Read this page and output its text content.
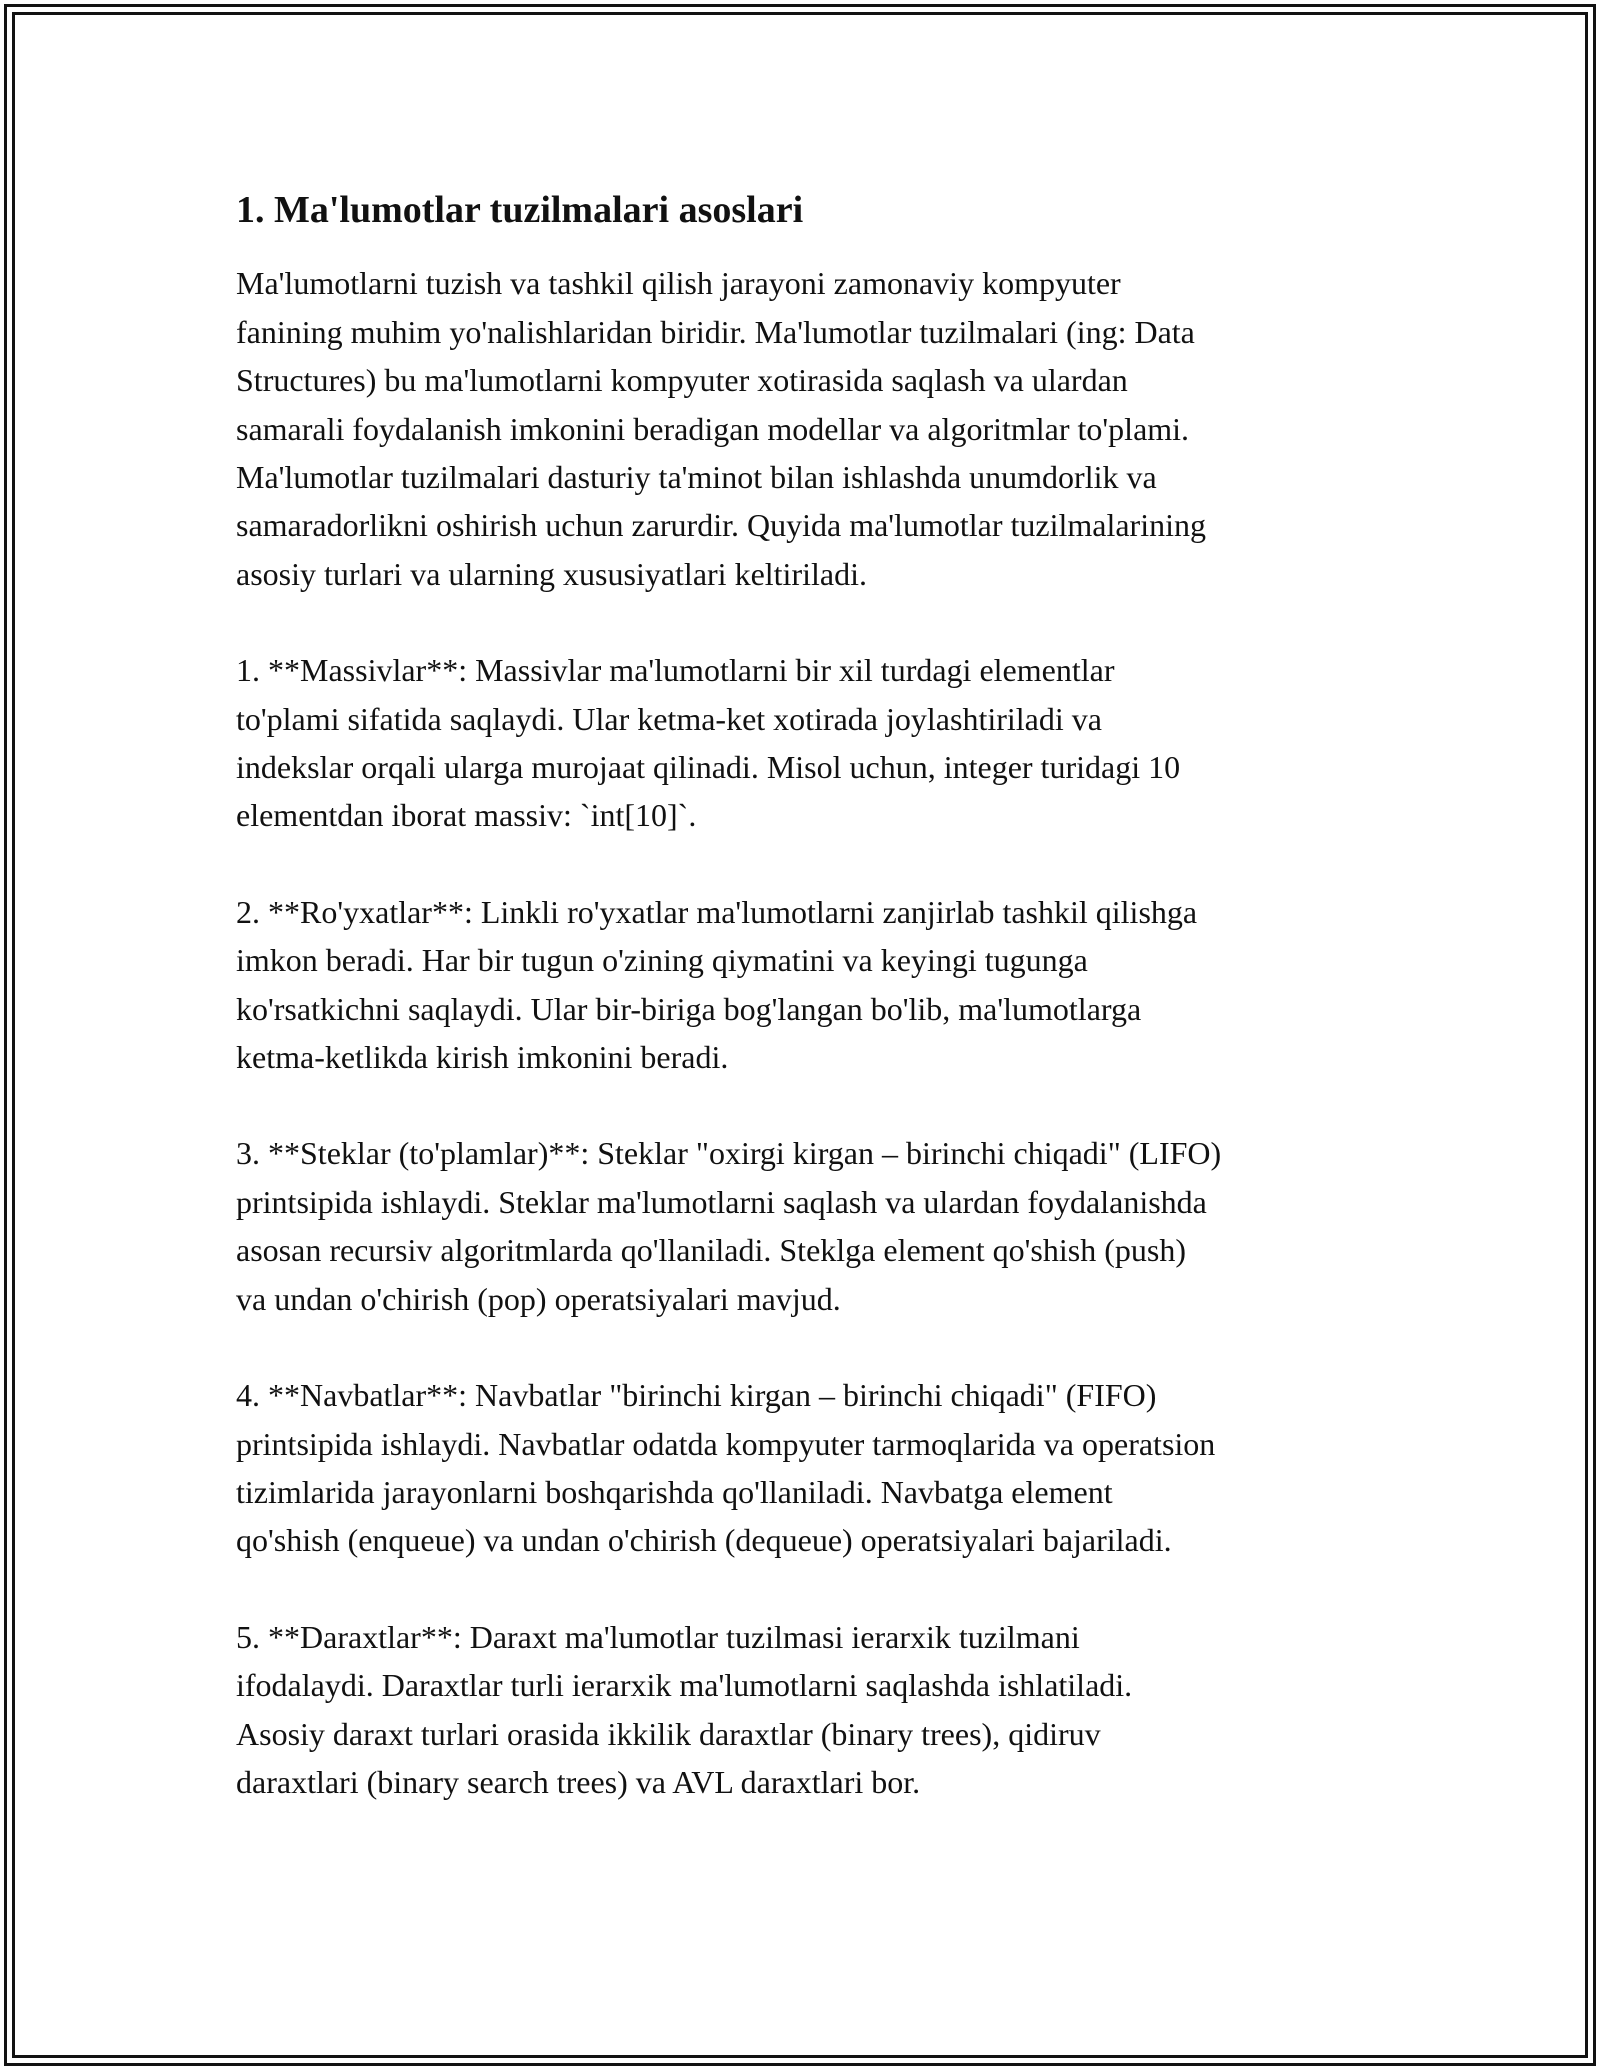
1. Ma'lumotlar tuzilmalari asoslari

Ma'lumotlarni tuzish va tashkil qilish jarayoni zamonaviy kompyuter
fanining muhim yo'nalishlaridan biridir. Ma'lumotlar tuzilmalari (ing: Data
Structures) bu ma'lumotlarni kompyuter xotirasida saqlash va ulardan
samarali foydalanish imkonini beradigan modellar va algoritmlar to'plami.
Ma'lumotlar tuzilmalari dasturiy ta'minot bilan ishlashda unumdorlik va
samaradorlikni oshirish uchun zarurdir. Quyida ma'lumotlar tuzilmalarining
asosiy turlari va ularning xususiyatlari keltiriladi.

1. **Massivlar**: Massivlar ma'lumotlarni bir xil turdagi elementlar
to'plami sifatida saqlaydi. Ular ketma-ket xotirada joylashtiriladi va
indekslar orqali ularga murojaat qilinadi. Misol uchun, integer turidagi 10
elementdan iborat massiv: `int[10]`.

2. **Ro'yxatlar**: Linkli ro'yxatlar ma'lumotlarni zanjirlab tashkil qilishga
imkon beradi. Har bir tugun o'zining qiymatini va keyingi tugunga
ko'rsatkichni saqlaydi. Ular bir-biriga bog'langan bo'lib, ma'lumotlarga
ketma-ketlikda kirish imkonini beradi.

3. **Steklar (to'plamlar)**: Steklar "oxirgi kirgan – birinchi chiqadi" (LIFO)
printsipida ishlaydi. Steklar ma'lumotlarni saqlash va ulardan foydalanishda
asosan recursiv algoritmlarda qo'llaniladi. Steklga element qo'shish (push)
va undan o'chirish (pop) operatsiyalari mavjud.

4. **Navbatlar**: Navbatlar "birinchi kirgan – birinchi chiqadi" (FIFO)
printsipida ishlaydi. Navbatlar odatda kompyuter tarmoqlarida va operatsion
tizimlarida jarayonlarni boshqarishda qo'llaniladi. Navbatga element
qo'shish (enqueue) va undan o'chirish (dequeue) operatsiyalari bajariladi.

5. **Daraxtlar**: Daraxt ma'lumotlar tuzilmasi ierarxik tuzilmani
ifodalaydi. Daraxtlar turli ierarxik ma'lumotlarni saqlashda ishlatiladi.
Asosiy daraxt turlari orasida ikkilik daraxtlar (binary trees), qidiruv
daraxtlari (binary search trees) va AVL daraxtlari bor.
